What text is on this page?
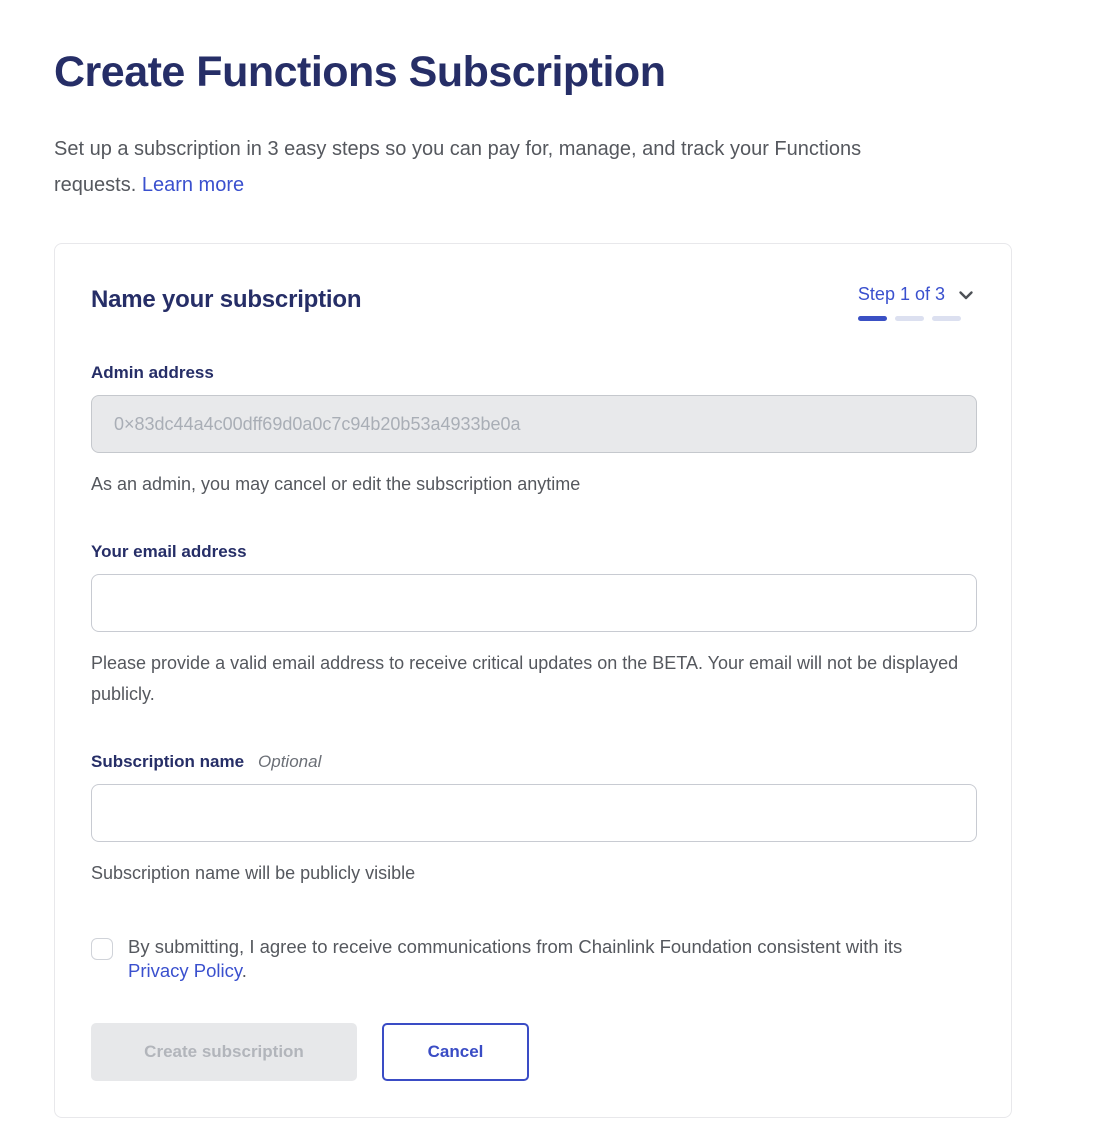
Create Functions Subscription

Set up a subscription in 3 easy steps so you can pay for, manage, and track your Functions requests. Learn more

Name your subscription	Step 1 of 3
Admin address
0×83dc44a4c00dff69d0a0c7c94b20b53a4933be0a

As an admin, you may cancel or edit the subscription anytime

Your email address

Please provide a valid email address to receive critical updates on the BETA. Your email will not be displayed publicly.

Subscription name Optional

Subscription name will be publicly visible

By submitting, I agree to receive communications from Chainlink Foundation consistent with its Privacy Policy.
Create subscription	Cancel
